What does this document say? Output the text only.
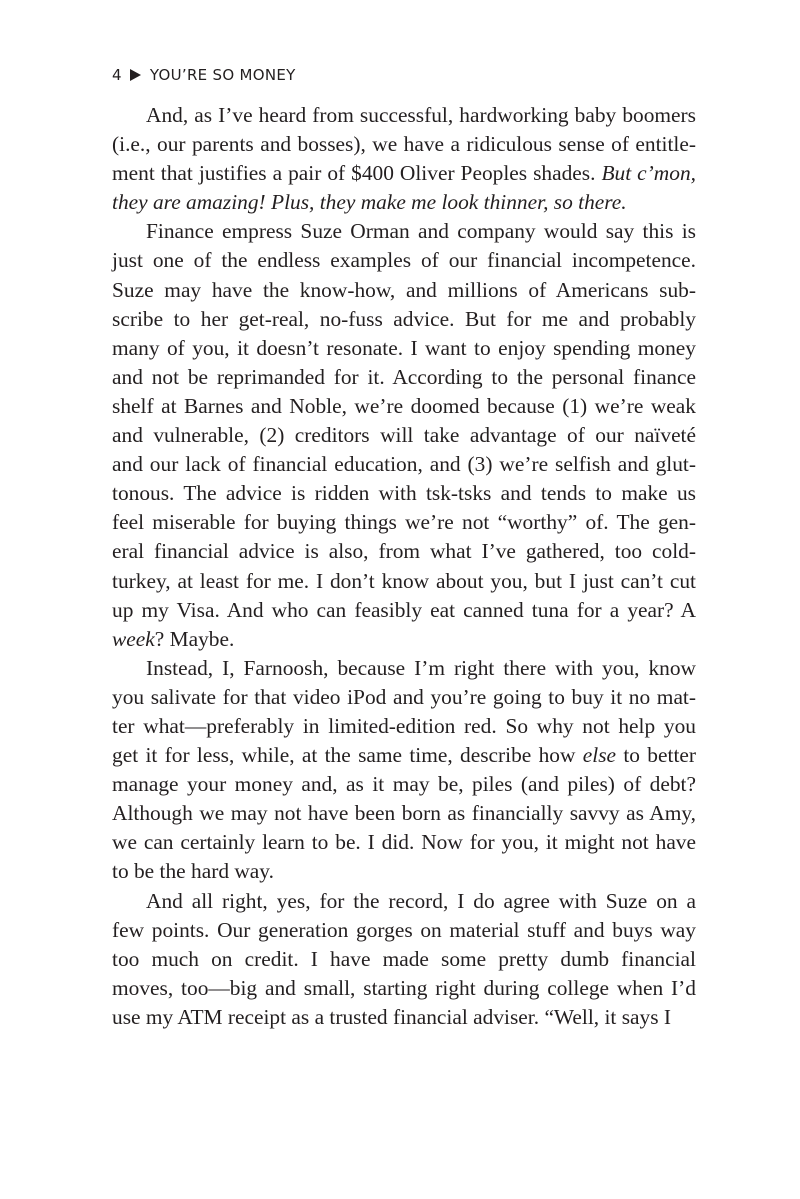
4 YOU’RE SO MONEY
And, as I’ve heard from successful, hardworking baby boomers
(i.e., our parents and bosses), we have a ridiculous sense of entitle-
ment that justifies a pair of $400 Oliver Peoples shades. But c’mon,
they are amazing! Plus, they make me look thinner, so there.
Finance empress Suze Orman and company would say this is
just one of the endless examples of our financial incompetence.
Suze may have the know-how, and millions of Americans sub-
scribe to her get-real, no-fuss advice. But for me and probably
many of you, it doesn’t resonate. I want to enjoy spending money
and not be reprimanded for it. According to the personal finance
shelf at Barnes and Noble, we’re doomed because (1) we’re weak
and vulnerable, (2) creditors will take advantage of our naïveté
and our lack of financial education, and (3) we’re selfish and glut-
tonous. The advice is ridden with tsk-tsks and tends to make us
feel miserable for buying things we’re not “worthy” of. The gen-
eral financial advice is also, from what I’ve gathered, too cold-
turkey, at least for me. I don’t know about you, but I just can’t cut
up my Visa. And who can feasibly eat canned tuna for a year? A
week? Maybe.
Instead, I, Farnoosh, because I’m right there with you, know
you salivate for that video iPod and you’re going to buy it no mat-
ter what—preferably in limited-edition red. So why not help you
get it for less, while, at the same time, describe how else to better
manage your money and, as it may be, piles (and piles) of debt?
Although we may not have been born as financially savvy as Amy,
we can certainly learn to be. I did. Now for you, it might not have
to be the hard way.
And all right, yes, for the record, I do agree with Suze on a
few points. Our generation gorges on material stuff and buys way
too much on credit. I have made some pretty dumb financial
moves, too—big and small, starting right during college when I’d
use my ATM receipt as a trusted financial adviser. “Well, it says I
